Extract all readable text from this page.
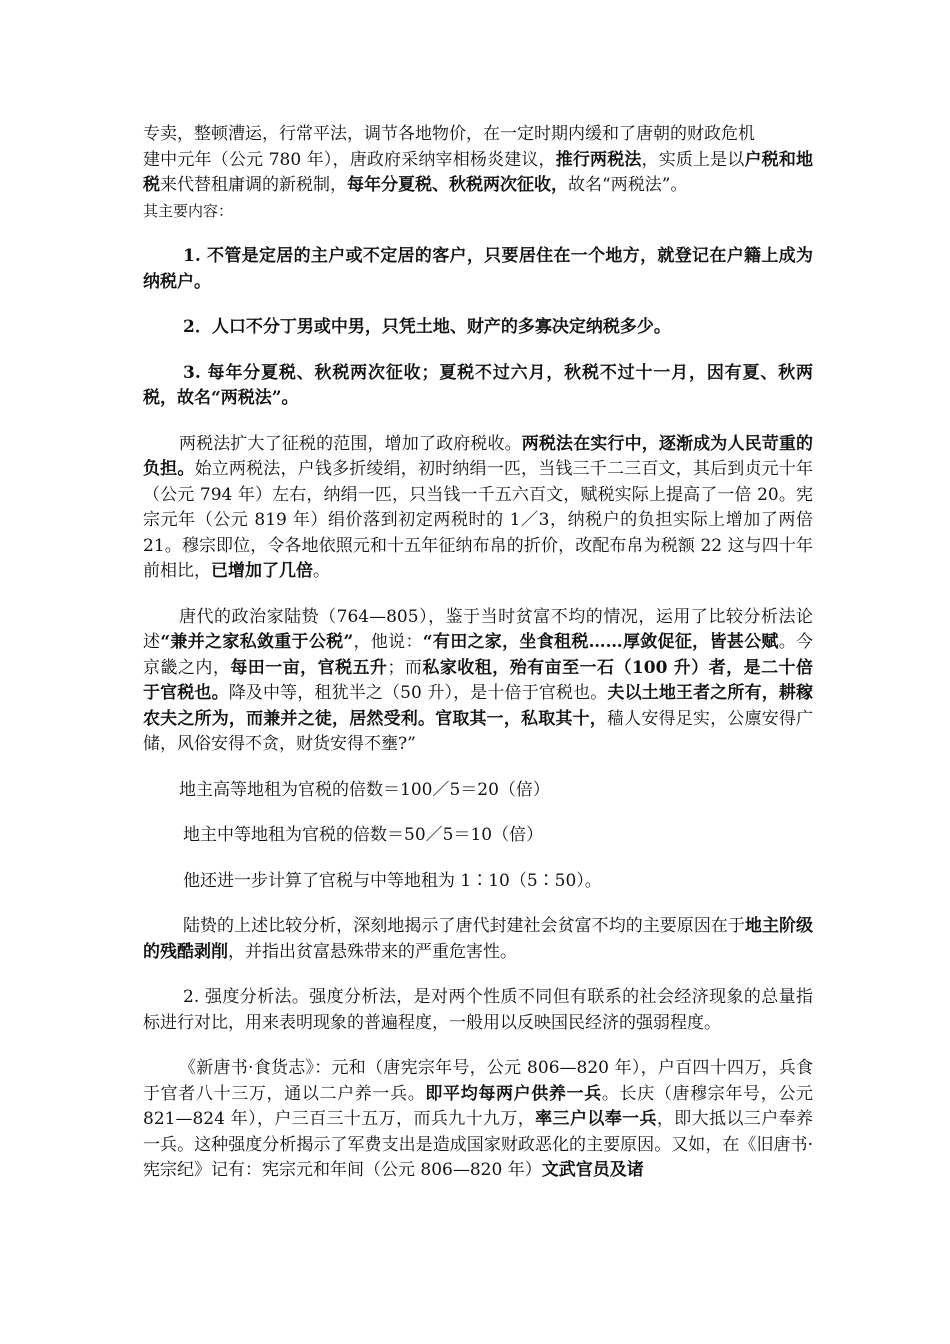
专卖，整顿漕运，行常平法，调节各地物价，在一定时期内缓和了唐朝的财政危机
建中元年（公元 780 年），唐政府采纳宰相杨炎建议，推行两税法，实质上是以户税和地税来代替租庸调的新税制，每年分夏税、秋税两次征收，故名“两税法”。

其主要内容：

1. 不管是定居的主户或不定居的客户，只要居住在一个地方，就登记在户籍上成为纳税户。

2．人口不分丁男或中男，只凭土地、财产的多寡决定纳税多少。

3. 每年分夏税、秋税两次征收；夏税不过六月，秋税不过十一月，因有夏、秋两税，故名“两税法”。

两税法扩大了征税的范围，增加了政府税收。两税法在实行中，逐渐成为人民苛重的负担。始立两税法，户钱多折绫绢，初时纳绢一匹，当钱三千二三百文，其后到贞元十年（公元 794 年）左右，纳绢一匹，只当钱一千五六百文，赋税实际上提高了一倍 20。宪宗元年（公元 819 年）绢价落到初定两税时的 1／3，纳税户的负担实际上增加了两倍 21。穆宗即位，令各地依照元和十五年征纳布帛的折价，改配布帛为税额 22 这与四十年前相比，已增加了几倍。

唐代的政治家陆贽（764—805），鉴于当时贫富不均的情况，运用了比较分析法论述“兼并之家私敛重于公税”，他说：“有田之家，坐食租税……厚敛促征，皆甚公赋。今京畿之内，每田一亩，官税五升；而私家收租，殆有亩至一石（100 升）者，是二十倍于官税也。降及中等，租犹半之（50 升），是十倍于官税也。夫以土地王者之所有，耕稼农夫之所为，而兼并之徒，居然受利。官取其一，私取其十，穑人安得足实，公廪安得广储，风俗安得不贪，财货安得不壅?”

地主高等地租为官税的倍数＝100／5＝20（倍）

地主中等地租为官税的倍数＝50／5＝10（倍）

他还进一步计算了官税与中等地租为 1∶10（5∶50）。

陆贽的上述比较分析，深刻地揭示了唐代封建社会贫富不均的主要原因在于地主阶级的残酷剥削，并指出贫富悬殊带来的严重危害性。

2. 强度分析法。强度分析法，是对两个性质不同但有联系的社会经济现象的总量指标进行对比，用来表明现象的普遍程度，一般用以反映国民经济的强弱程度。

《新唐书·食货志》：元和（唐宪宗年号，公元 806—820 年），户百四十四万，兵食于官者八十三万，通以二户养一兵。即平均每两户供养一兵。长庆（唐穆宗年号，公元 821—824 年），户三百三十五万，而兵九十九万，率三户以奉一兵，即大抵以三户奉养一兵。这种强度分析揭示了军费支出是造成国家财政恶化的主要原因。又如，在《旧唐书·宪宗纪》记有：宪宗元和年间（公元 806—820 年）文武官员及诸
